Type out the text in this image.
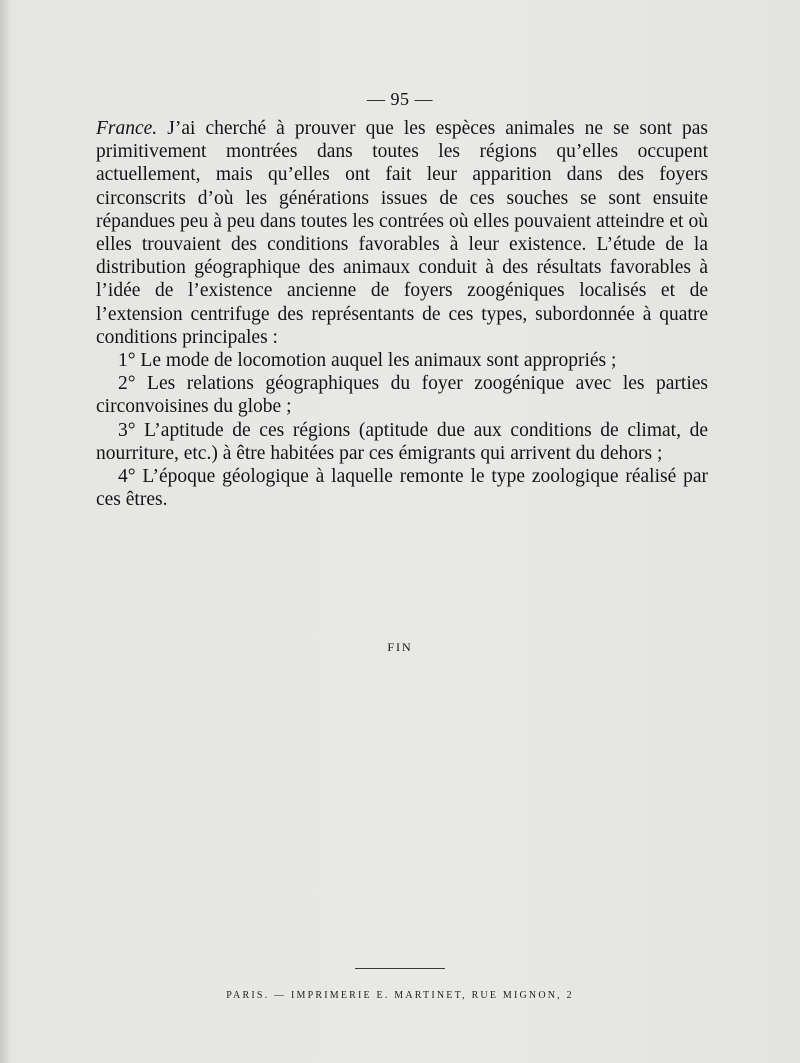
— 95 —

France. J’ai cherché à prouver que les espèces animales ne se sont pas primitivement montrées dans toutes les régions qu’elles occupent actuellement, mais qu’elles ont fait leur apparition dans des foyers circonscrits d’où les générations issues de ces souches se sont ensuite répandues peu à peu dans toutes les contrées où elles pouvaient atteindre et où elles trouvaient des conditions favorables à leur existence. L’étude de la distribution géographique des animaux conduit à des résultats favorables à l’idée de l’existence ancienne de foyers zoogéniques localisés et de l’extension centrifuge des représentants de ces types, subordonnée à quatre conditions principales :

1° Le mode de locomotion auquel les animaux sont appropriés ;

2° Les relations géographiques du foyer zoogénique avec les parties circonvoisines du globe ;

3° L’aptitude de ces régions (aptitude due aux conditions de climat, de nourriture, etc.) à être habitées par ces émigrants qui arrivent du dehors ;

4° L’époque géologique à laquelle remonte le type zoologique réalisé par ces êtres.

FIN
PARIS. — IMPRIMERIE E. MARTINET, RUE MIGNON, 2
